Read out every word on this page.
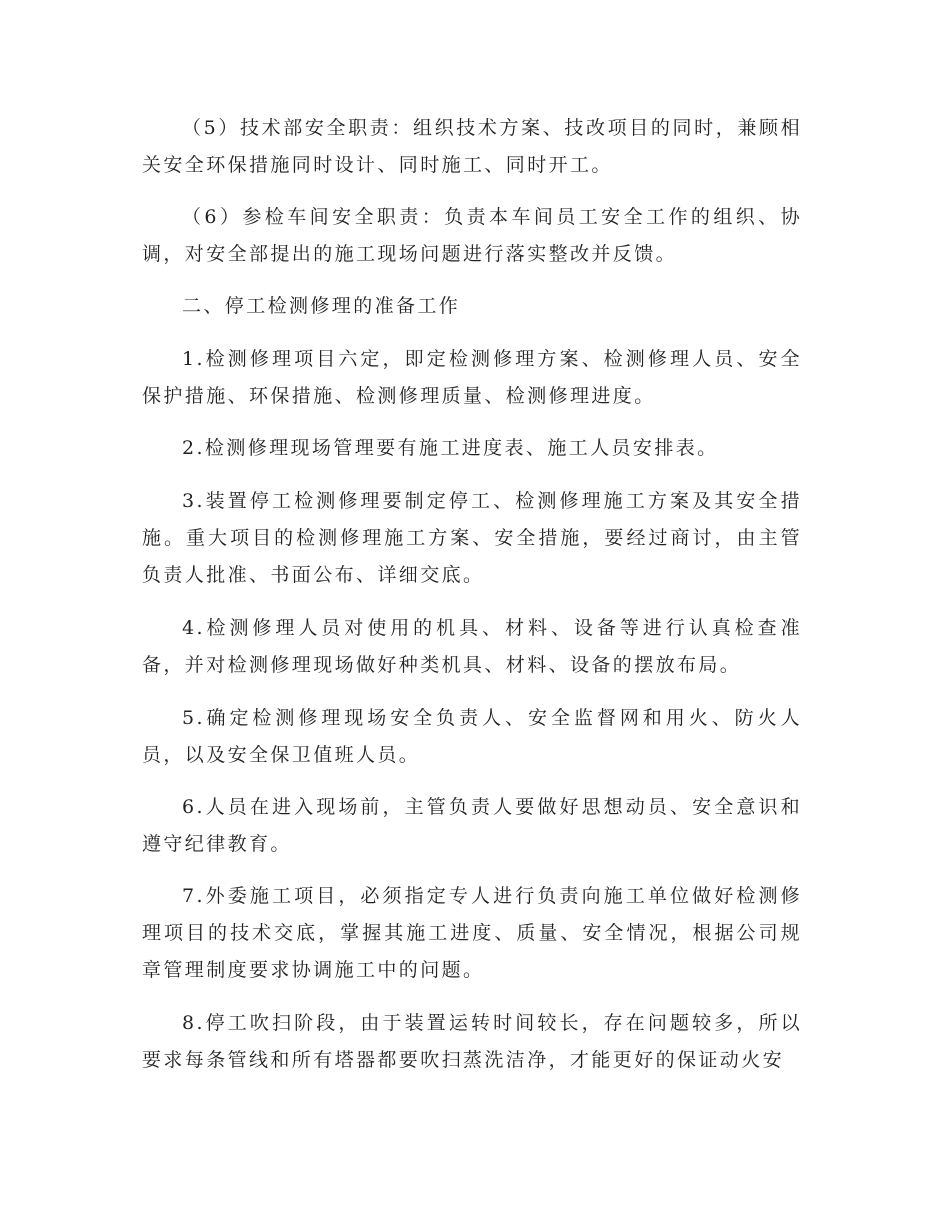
（5）技术部安全职责：组织技术方案、技改项目的同时，兼顾相关安全环保措施同时设计、同时施工、同时开工。

（6）参检车间安全职责：负责本车间员工安全工作的组织、协调，对安全部提出的施工现场问题进行落实整改并反馈。

二、停工检测修理的准备工作

1.检测修理项目六定，即定检测修理方案、检测修理人员、安全保护措施、环保措施、检测修理质量、检测修理进度。

2.检测修理现场管理要有施工进度表、施工人员安排表。

3.装置停工检测修理要制定停工、检测修理施工方案及其安全措施。重大项目的检测修理施工方案、安全措施，要经过商讨，由主管负责人批准、书面公布、详细交底。

4.检测修理人员对使用的机具、材料、设备等进行认真检查准备，并对检测修理现场做好种类机具、材料、设备的摆放布局。

5.确定检测修理现场安全负责人、安全监督网和用火、防火人员，以及安全保卫值班人员。

6.人员在进入现场前，主管负责人要做好思想动员、安全意识和遵守纪律教育。

7.外委施工项目，必须指定专人进行负责向施工单位做好检测修理项目的技术交底，掌握其施工进度、质量、安全情况，根据公司规章管理制度要求协调施工中的问题。

8.停工吹扫阶段，由于装置运转时间较长，存在问题较多，所以要求每条管线和所有塔器都要吹扫蒸洗洁净，才能更好的保证动火安
